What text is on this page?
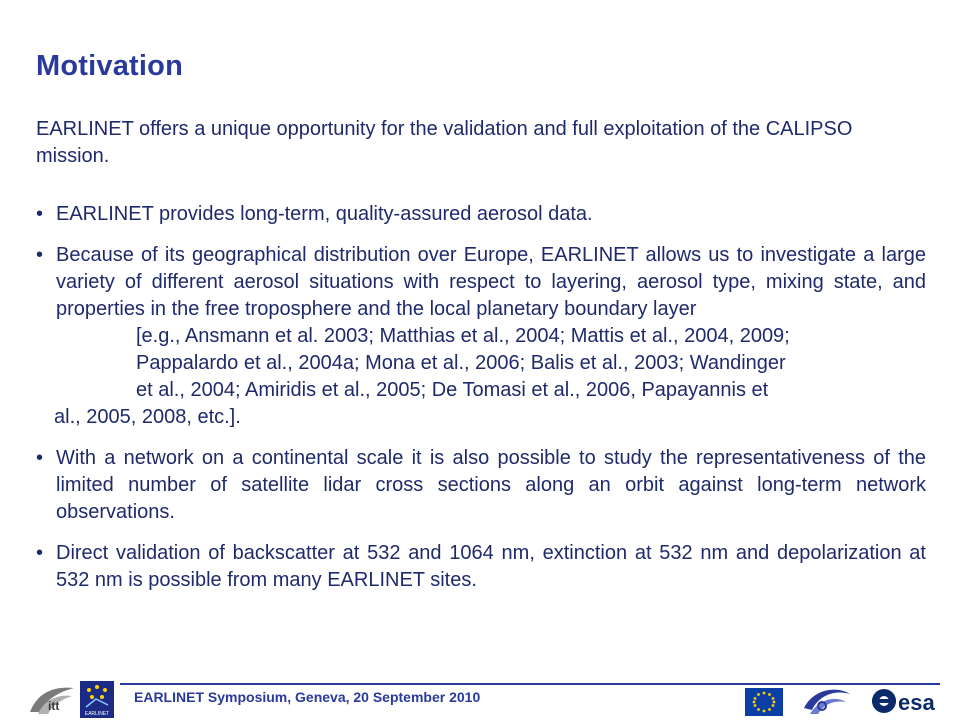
Motivation
EARLINET offers a unique opportunity for the validation and full exploitation of the CALIPSO mission.
• EARLINET provides long-term, quality-assured aerosol data.
• Because of its geographical distribution over Europe, EARLINET allows us to investigate a large variety of different aerosol situations with respect to layering, aerosol type, mixing state, and properties in the free troposphere and the local planetary boundary layer
[e.g., Ansmann et al. 2003; Matthias et al., 2004; Mattis et al., 2004, 2009;
Pappalardo et al., 2004a; Mona et al., 2006; Balis et al., 2003; Wandinger
et al., 2004; Amiridis et al., 2005; De Tomasi et al., 2006, Papayannis et
al., 2005, 2008, etc.].
• With a network on a continental scale it is also possible to study the representativeness of the limited number of satellite lidar cross sections along an orbit against long-term network observations.
• Direct validation of backscatter at 532 and 1064 nm, extinction at 532 nm and depolarization at 532 nm is possible from many EARLINET sites.
itt
EARLINET
EARLINET Symposium, Geneva, 20 September 2010	esa
